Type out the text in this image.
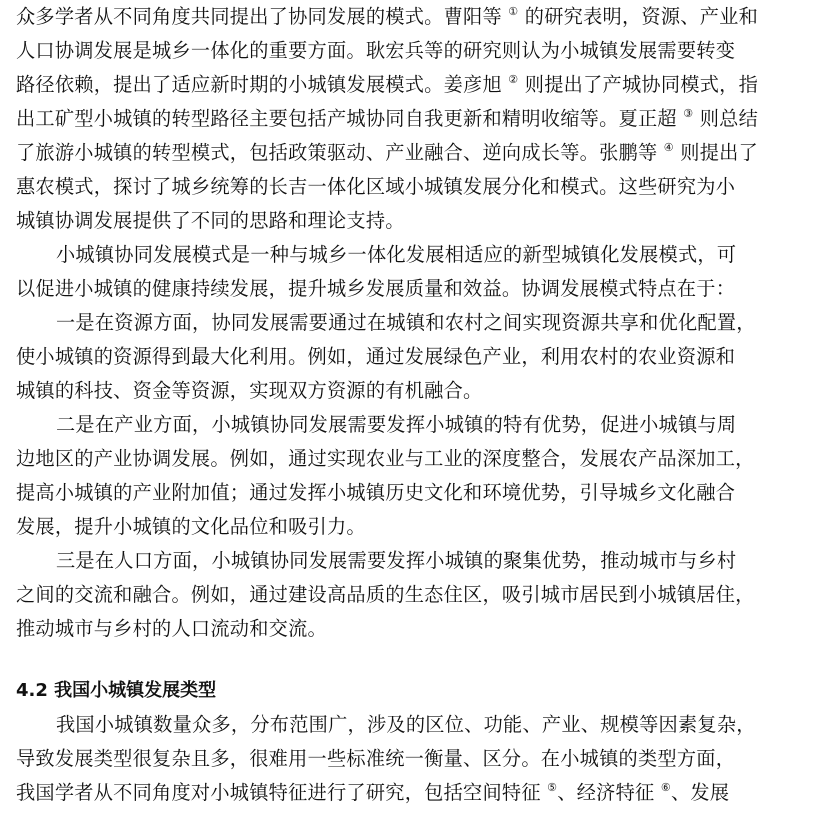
众多学者从不同角度共同提出了协同发展的模式。曹阳等 ① 的研究表明，资源、产业和
人口协调发展是城乡一体化的重要方面。耿宏兵等的研究则认为小城镇发展需要转变
路径依赖，提出了适应新时期的小城镇发展模式。姜彦旭 ② 则提出了产城协同模式，指
出工矿型小城镇的转型路径主要包括产城协同自我更新和精明收缩等。夏正超 ③ 则总结
了旅游小城镇的转型模式，包括政策驱动、产业融合、逆向成长等。张鹏等 ④ 则提出了
惠农模式，探讨了城乡统筹的长吉一体化区域小城镇发展分化和模式。这些研究为小
城镇协调发展提供了不同的思路和理论支持。
小城镇协同发展模式是一种与城乡一体化发展相适应的新型城镇化发展模式，可
以促进小城镇的健康持续发展，提升城乡发展质量和效益。协调发展模式特点在于：
一是在资源方面，协同发展需要通过在城镇和农村之间实现资源共享和优化配置，
使小城镇的资源得到最大化利用。例如，通过发展绿色产业，利用农村的农业资源和
城镇的科技、资金等资源，实现双方资源的有机融合。
二是在产业方面，小城镇协同发展需要发挥小城镇的特有优势，促进小城镇与周
边地区的产业协调发展。例如，通过实现农业与工业的深度整合，发展农产品深加工，
提高小城镇的产业附加值；通过发挥小城镇历史文化和环境优势，引导城乡文化融合
发展，提升小城镇的文化品位和吸引力。
三是在人口方面，小城镇协同发展需要发挥小城镇的聚集优势，推动城市与乡村
之间的交流和融合。例如，通过建设高品质的生态住区，吸引城市居民到小城镇居住，
推动城市与乡村的人口流动和交流。
4.2 我国小城镇发展类型
我国小城镇数量众多，分布范围广，涉及的区位、功能、产业、规模等因素复杂，
导致发展类型很复杂且多，很难用一些标准统一衡量、区分。在小城镇的类型方面，
我国学者从不同角度对小城镇特征进行了研究，包括空间特征 ⑤、经济特征 ⑥、发展
